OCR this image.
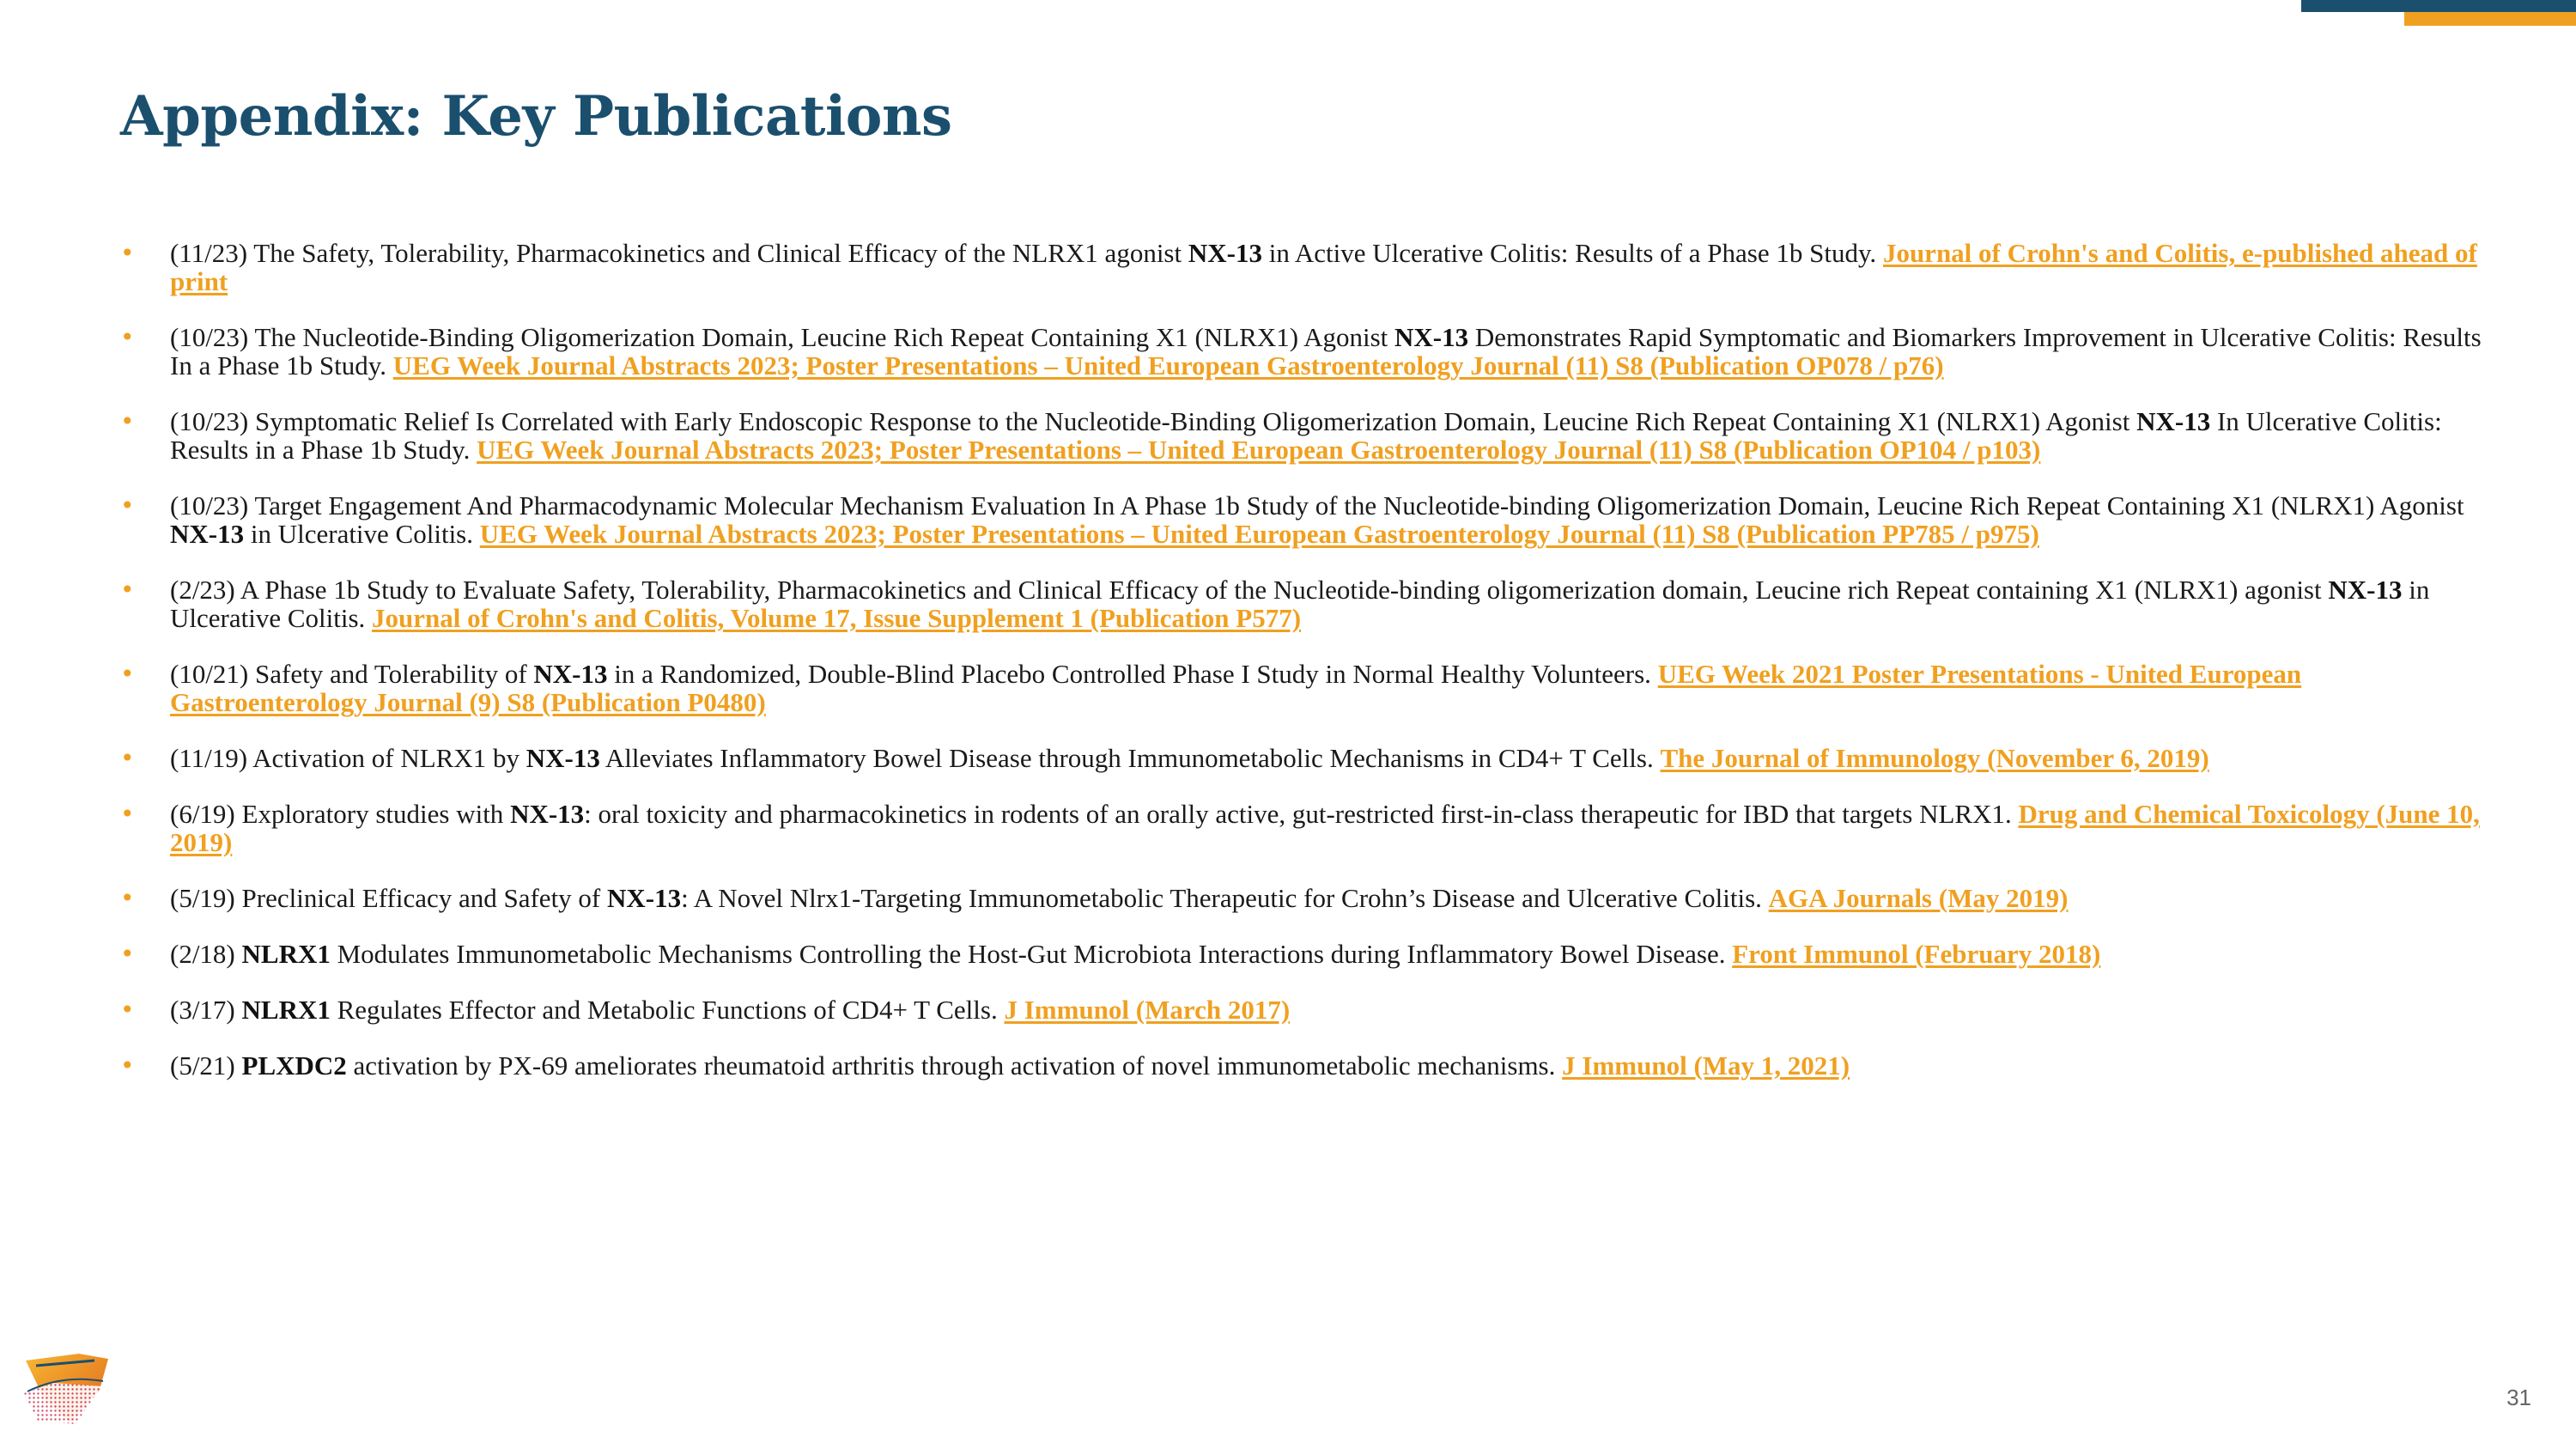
Appendix: Key Publications
• (11/23) The Safety, Tolerability, Pharmacokinetics and Clinical Efficacy of the NLRX1 agonist NX-13 in Active Ulcerative Colitis: Results of a Phase 1b Study. Journal of Crohn's and Colitis, e-published ahead of print
• (10/23) The Nucleotide-Binding Oligomerization Domain, Leucine Rich Repeat Containing X1 (NLRX1) Agonist NX-13 Demonstrates Rapid Symptomatic and Biomarkers Improvement in Ulcerative Colitis: Results In a Phase 1b Study. UEG Week Journal Abstracts 2023; Poster Presentations – United European Gastroenterology Journal (11) S8 (Publication OP078 / p76)
• (10/23) Symptomatic Relief Is Correlated with Early Endoscopic Response to the Nucleotide-Binding Oligomerization Domain, Leucine Rich Repeat Containing X1 (NLRX1) Agonist NX-13 In Ulcerative Colitis: Results in a Phase 1b Study. UEG Week Journal Abstracts 2023; Poster Presentations – United European Gastroenterology Journal (11) S8 (Publication OP104 / p103)
• (10/23) Target Engagement And Pharmacodynamic Molecular Mechanism Evaluation In A Phase 1b Study of the Nucleotide-binding Oligomerization Domain, Leucine Rich Repeat Containing X1 (NLRX1) Agonist NX-13 in Ulcerative Colitis. UEG Week Journal Abstracts 2023; Poster Presentations – United European Gastroenterology Journal (11) S8 (Publication PP785 / p975)
• (2/23) A Phase 1b Study to Evaluate Safety, Tolerability, Pharmacokinetics and Clinical Efficacy of the Nucleotide-binding oligomerization domain, Leucine rich Repeat containing X1 (NLRX1) agonist NX-13 in Ulcerative Colitis. Journal of Crohn's and Colitis, Volume 17, Issue Supplement 1 (Publication P577)
• (10/21) Safety and Tolerability of NX-13 in a Randomized, Double-Blind Placebo Controlled Phase I Study in Normal Healthy Volunteers. UEG Week 2021 Poster Presentations - United European Gastroenterology Journal (9) S8 (Publication P0480)
• (11/19) Activation of NLRX1 by NX-13 Alleviates Inflammatory Bowel Disease through Immunometabolic Mechanisms in CD4+ T Cells. The Journal of Immunology (November 6, 2019)
• (6/19) Exploratory studies with NX-13: oral toxicity and pharmacokinetics in rodents of an orally active, gut-restricted first-in-class therapeutic for IBD that targets NLRX1. Drug and Chemical Toxicology (June 10, 2019)
• (5/19) Preclinical Efficacy and Safety of NX-13: A Novel Nlrx1-Targeting Immunometabolic Therapeutic for Crohn’s Disease and Ulcerative Colitis. AGA Journals (May 2019)
• (2/18) NLRX1 Modulates Immunometabolic Mechanisms Controlling the Host-Gut Microbiota Interactions during Inflammatory Bowel Disease. Front Immunol (February 2018)
• (3/17) NLRX1 Regulates Effector and Metabolic Functions of CD4+ T Cells. J Immunol (March 2017)
• (5/21) PLXDC2 activation by PX-69 ameliorates rheumatoid arthritis through activation of novel immunometabolic mechanisms. J Immunol (May 1, 2021)
31
